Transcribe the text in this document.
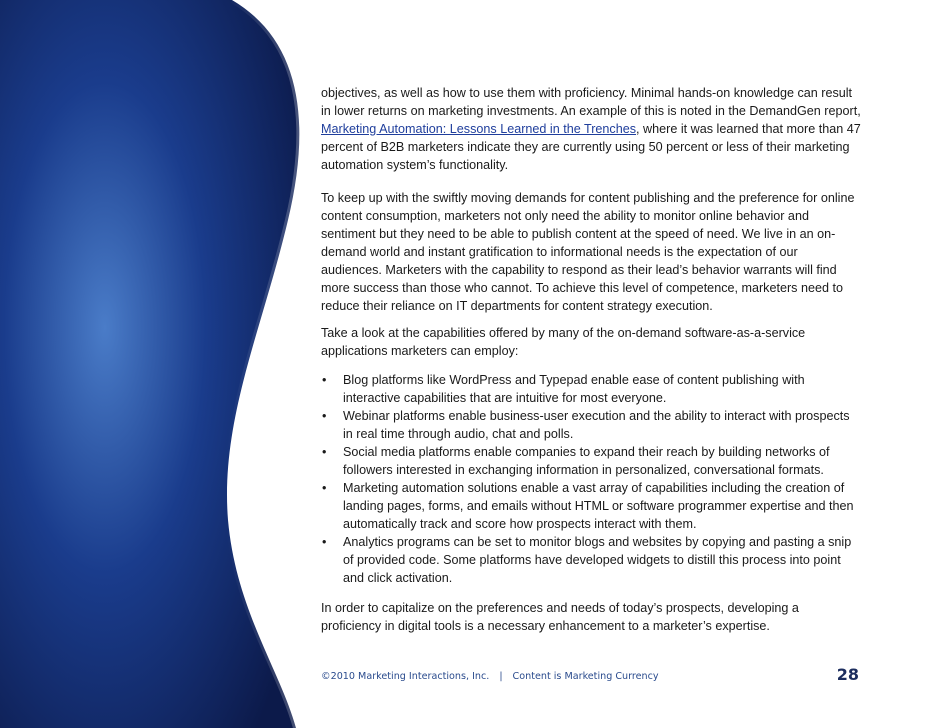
objectives, as well as how to use them with proficiency. Minimal hands-on knowledge can result in lower returns on marketing investments. An example of this is noted in the DemandGen report, Marketing Automation: Lessons Learned in the Trenches, where it was learned that more than 47 percent of B2B marketers indicate they are currently using 50 percent or less of their marketing automation system’s functionality.

To keep up with the swiftly moving demands for content publishing and the preference for online content consumption, marketers not only need the ability to monitor online behavior and sentiment but they need to be able to publish content at the speed of need. We live in an on-demand world and instant gratification to informational needs is the expectation of our audiences. Marketers with the capability to respond as their lead’s behavior warrants will find more success than those who cannot. To achieve this level of competence, marketers need to reduce their reliance on IT departments for content strategy execution.

Take a look at the capabilities offered by many of the on-demand software-as-a-service applications marketers can employ:

• Blog platforms like WordPress and Typepad enable ease of content publishing with interactive capabilities that are intuitive for most everyone.
• Webinar platforms enable business-user execution and the ability to interact with prospects in real time through audio, chat and polls.
• Social media platforms enable companies to expand their reach by building networks of followers interested in exchanging information in personalized, conversational formats.
• Marketing automation solutions enable a vast array of capabilities including the creation of landing pages, forms, and emails without HTML or software programmer expertise and then automatically track and score how prospects interact with them.
• Analytics programs can be set to monitor blogs and websites by copying and pasting a snip of provided code. Some platforms have developed widgets to distill this process into point and click activation.

In order to capitalize on the preferences and needs of today’s prospects, developing a proficiency in digital tools is a necessary enhancement to a marketer’s expertise.

©2010 Marketing Interactions, Inc. | Content is Marketing Currency	28
